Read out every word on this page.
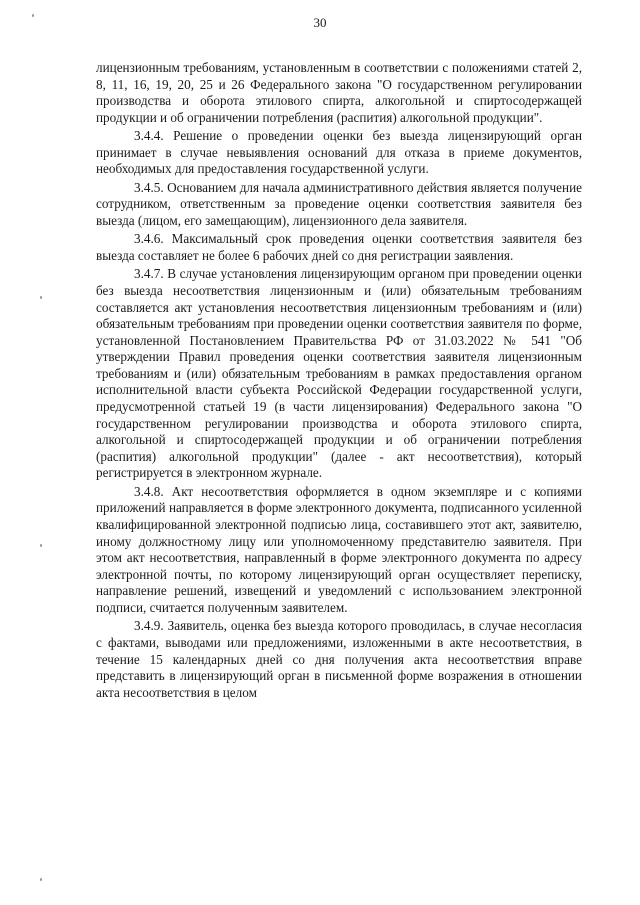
30

лицензионным требованиям, установленным в соответствии с положениями статей 2, 8, 11, 16, 19, 20, 25 и 26 Федерального закона "О государственном регулировании производства и оборота этилового спирта, алкогольной и спиртосодержащей продукции и об ограничении потребления (распития) алкогольной продукции".

3.4.4. Решение о проведении оценки без выезда лицензирующий орган принимает в случае невыявления оснований для отказа в приеме документов, необходимых для предоставления государственной услуги.

3.4.5. Основанием для начала административного действия является получение сотрудником, ответственным за проведение оценки соответствия заявителя без выезда (лицом, его замещающим), лицензионного дела заявителя.

3.4.6. Максимальный срок проведения оценки соответствия заявителя без выезда составляет не более 6 рабочих дней со дня регистрации заявления.

3.4.7. В случае установления лицензирующим органом при проведении оценки без выезда несоответствия лицензионным и (или) обязательным требованиям составляется акт установления несоответствия лицензионным требованиям и (или) обязательным требованиям при проведении оценки соответствия заявителя по форме, установленной Постановлением Правительства РФ от 31.03.2022 № 541 "Об утверждении Правил проведения оценки соответствия заявителя лицензионным требованиям и (или) обязательным требованиям в рамках предоставления органом исполнительной власти субъекта Российской Федерации государственной услуги, предусмотренной статьей 19 (в части лицензирования) Федерального закона "О государственном регулировании производства и оборота этилового спирта, алкогольной и спиртосодержащей продукции и об ограничении потребления (распития) алкогольной продукции" (далее - акт несоответствия), который регистрируется в электронном журнале.

3.4.8. Акт несоответствия оформляется в одном экземпляре и с копиями приложений направляется в форме электронного документа, подписанного усиленной квалифицированной электронной подписью лица, составившего этот акт, заявителю, иному должностному лицу или уполномоченному представителю заявителя. При этом акт несоответствия, направленный в форме электронного документа по адресу электронной почты, по которому лицензирующий орган осуществляет переписку, направление решений, извещений и уведомлений с использованием электронной подписи, считается полученным заявителем.

3.4.9. Заявитель, оценка без выезда которого проводилась, в случае несогласия с фактами, выводами или предложениями, изложенными в акте несоответствия, в течение 15 календарных дней со дня получения акта несоответствия вправе представить в лицензирующий орган в письменной форме возражения в отношении акта несоответствия в целом
